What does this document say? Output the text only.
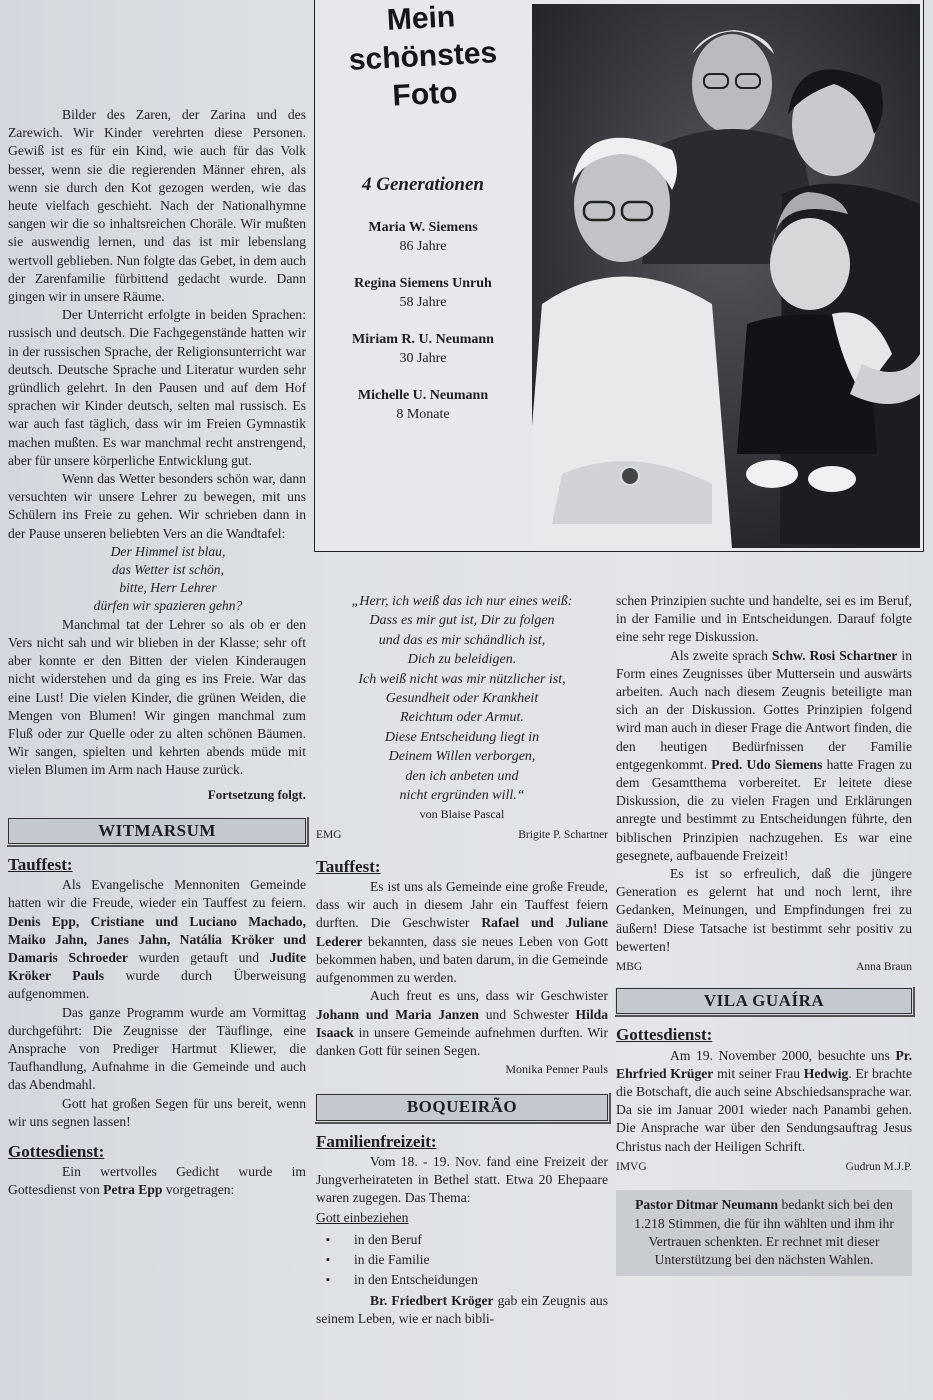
Mein schönstes
Foto
4 Generationen
Maria W. Siemens
86 Jahre
Regina Siemens Unruh
58 Jahre
Miriam R. U. Neumann
30 Jahre
Michelle U. Neumann
8 Monate

Bilder des Zaren, der Zarina und des Zarewich. Wir Kinder verehrten diese Personen. Gewiß ist es für ein Kind, wie auch für das Volk besser, wenn sie die regierenden Männer ehren, als wenn sie durch den Kot gezogen werden, wie das heute vielfach geschieht. Nach der Nationalhymne sangen wir die so inhaltsreichen Choräle. Wir mußten sie auswendig lernen, und das ist mir lebenslang wertvoll geblieben. Nun folgte das Gebet, in dem auch der Zarenfamilie fürbittend gedacht wurde. Dann gingen wir in unsere Räume.

Der Unterricht erfolgte in beiden Sprachen: russisch und deutsch. Die Fachgegenstände hatten wir in der russischen Sprache, der Religionsunterricht war deutsch. Deutsche Sprache und Literatur wurden sehr gründlich gelehrt. In den Pausen und auf dem Hof sprachen wir Kinder deutsch, selten mal russisch. Es war auch fast täglich, dass wir im Freien Gymnastik machen mußten. Es war manchmal recht anstrengend, aber für unsere körperliche Entwicklung gut.

Wenn das Wetter besonders schön war, dann versuchten wir unsere Lehrer zu bewegen, mit uns Schülern ins Freie zu gehen. Wir schrieben dann in der Pause unseren beliebten Vers an die Wandtafel:

Der Himmel ist blau,
das Wetter ist schön,
bitte, Herr Lehrer
dürfen wir spazieren gehn?

Manchmal tat der Lehrer so als ob er den Vers nicht sah und wir blieben in der Klasse; sehr oft aber konnte er den Bitten der vielen Kinderaugen nicht widerstehen und da ging es ins Freie. War das eine Lust! Die vielen Kinder, die grünen Weiden, die Mengen von Blumen! Wir gingen manchmal zum Fluß oder zur Quelle oder zu alten schönen Bäumen. Wir sangen, spielten und kehrten abends müde mit vielen Blumen im Arm nach Hause zurück.

Fortsetzung folgt.
WITMARSUM
Tauffest:

Als Evangelische Mennoniten Gemeinde hatten wir die Freude, wieder ein Tauffest zu feiern. Denis Epp, Cristiane und Luciano Machado, Maiko Jahn, Janes Jahn, Natália Kröker und Damaris Schroeder wurden getauft und Judite Kröker Pauls wurde durch Überweisung aufgenommen.

Das ganze Programm wurde am Vormittag durchgeführt: Die Zeugnisse der Täuflinge, eine Ansprache von Prediger Hartmut Kliewer, die Taufhandlung, Aufnahme in die Gemeinde und auch das Abendmahl.

Gott hat großen Segen für uns bereit, wenn wir uns segnen lassen!

Gottesdienst:

Ein wertvolles Gedicht wurde im Gottesdienst von Petra Epp vorgetragen:

„Herr, ich weiß das ich nur eines weiß:
Dass es mir gut ist, Dir zu folgen
und das es mir schändlich ist,
Dich zu beleidigen.
Ich weiß nicht was mir nützlicher ist,
Gesundheit oder Krankheit
Reichtum oder Armut.
Diese Entscheidung liegt in
Deinem Willen verborgen,
den ich anbeten und
nicht ergründen will.“
von Blaise Pascal
EMG	Brigite P. Schartner
Tauffest:

Es ist uns als Gemeinde eine große Freude, dass wir auch in diesem Jahr ein Tauffest feiern durften. Die Geschwister Rafael und Juliane Lederer bekannten, dass sie neues Leben von Gott bekommen haben, und baten darum, in die Gemeinde aufgenommen zu werden.

Auch freut es uns, dass wir Geschwister Johann und Maria Janzen und Schwester Hilda Isaack in unsere Gemeinde aufnehmen durften. Wir danken Gott für seinen Segen.

Monika Penner Pauls
BOQUEIRÃO
Familienfreizeit:

Vom 18. - 19. Nov. fand eine Freizeit der Jungverheirateten in Bethel statt. Etwa 20 Ehepaare waren zugegen. Das Thema:

Gott einbeziehen
▪ in den Beruf
▪ in die Familie
▪ in den Entscheidungen

Br. Friedbert Kröger gab ein Zeugnis aus seinem Leben, wie er nach bibli-

schen Prinzipien suchte und handelte, sei es im Beruf, in der Familie und in Entscheidungen. Darauf folgte eine sehr rege Diskussion.

Als zweite sprach Schw. Rosi Schartner in Form eines Zeugnisses über Muttersein und auswärts arbeiten. Auch nach diesem Zeugnis beteiligte man sich an der Diskussion. Gottes Prinzipien folgend wird man auch in dieser Frage die Antwort finden, die den heutigen Bedürfnissen der Familie entgegenkommt. Pred. Udo Siemens hatte Fragen zu dem Gesamtthema vorbereitet. Er leitete diese Diskussion, die zu vielen Fragen und Erklärungen anregte und bestimmt zu Entscheidungen führte, den biblischen Prinzipien nachzugehen. Es war eine gesegnete, aufbauende Freizeit!

Es ist so erfreulich, daß die jüngere Generation es gelernt hat und noch lernt, ihre Gedanken, Meinungen, und Empfindungen frei zu äußern! Diese Tatsache ist bestimmt sehr positiv zu bewerten!

MBG	Anna Braun
VILA GUAÍRA
Gottesdienst:

Am 19. November 2000, besuchte uns Pr. Ehrfried Krüger mit seiner Frau Hedwig. Er brachte die Botschaft, die auch seine Abschiedsansprache war. Da sie im Januar 2001 wieder nach Panambi gehen. Die Ansprache war über den Sendungsauftrag Jesus Christus nach der Heiligen Schrift.

IMVG	Gudrun M.J.P.
Pastor Ditmar Neumann bedankt sich bei den 1.218 Stimmen, die für ihn wählten und ihm ihr Vertrauen schenkten. Er rechnet mit dieser Unterstützung bei den nächsten Wahlen.
